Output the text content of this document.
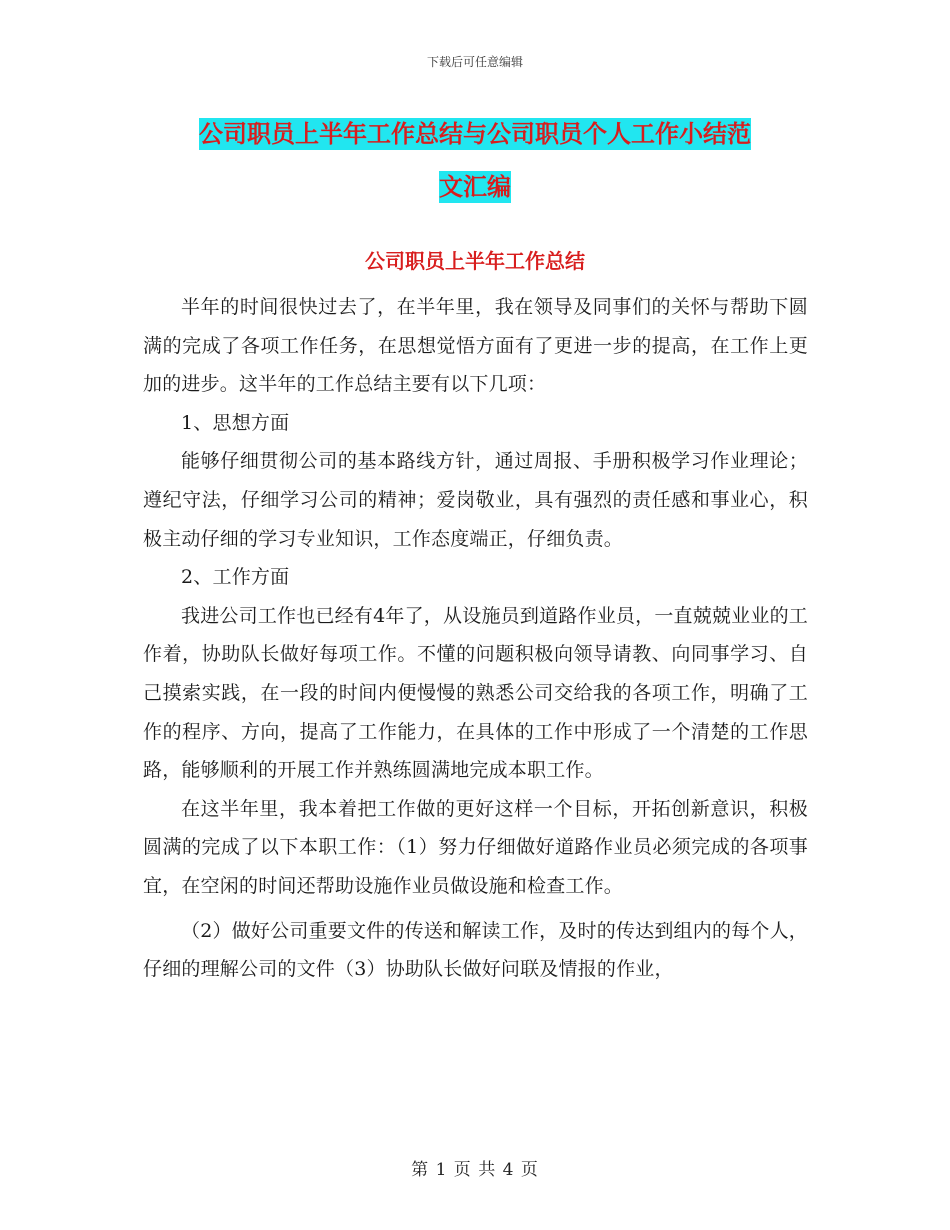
下载后可任意编辑
公司职员上半年工作总结与公司职员个人工作小结范
文汇编
公司职员上半年工作总结

半年的时间很快过去了，在半年里，我在领导及同事们的关怀与帮助下圆满的完成了各项工作任务，在思想觉悟方面有了更进一步的提高，在工作上更加的进步。这半年的工作总结主要有以下几项：

1、思想方面

能够仔细贯彻公司的基本路线方针，通过周报、手册积极学习作业理论；遵纪守法，仔细学习公司的精神；爱岗敬业，具有强烈的责任感和事业心，积极主动仔细的学习专业知识，工作态度端正，仔细负责。

2、工作方面

我进公司工作也已经有4年了，从设施员到道路作业员，一直兢兢业业的工作着，协助队长做好每项工作。不懂的问题积极向领导请教、向同事学习、自己摸索实践，在一段的时间内便慢慢的熟悉公司交给我的各项工作，明确了工作的程序、方向，提高了工作能力，在具体的工作中形成了一个清楚的工作思路，能够顺利的开展工作并熟练圆满地完成本职工作。

在这半年里，我本着把工作做的更好这样一个目标，开拓创新意识，积极圆满的完成了以下本职工作：（1）努力仔细做好道路作业员必须完成的各项事宜，在空闲的时间还帮助设施作业员做设施和检查工作。

（2）做好公司重要文件的传送和解读工作，及时的传达到组内的每个人，仔细的理解公司的文件（3）协助队长做好问联及情报的作业，

第 1 页 共 4 页
